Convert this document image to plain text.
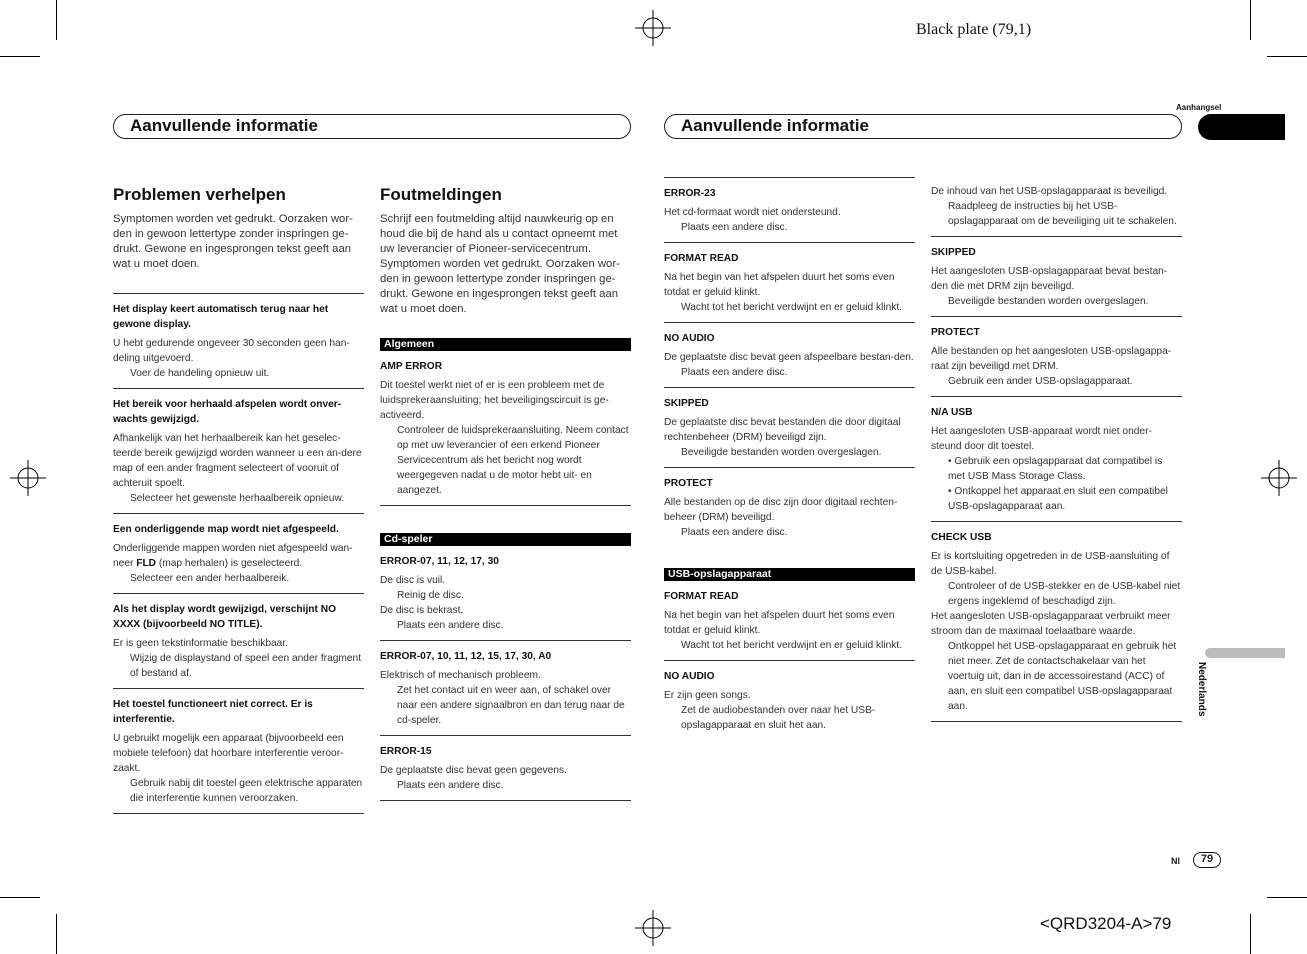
Black plate (79,1)
<QRD3204-A>79
Aanvullende informatie	Aanvullende informatie
Aanhangsel
Nederlands
Nl	79
Problemen verhelpen

Symptomen worden vet gedrukt. Oorzaken wor-den in gewoon lettertype zonder inspringen ge-drukt. Gewone en ingesprongen tekst geeft aan wat u moet doen.

Het display keert automatisch terug naar het gewone display.

U hebt gedurende ongeveer 30 seconden geen han-deling uitgevoerd.

Voer de handeling opnieuw uit.

Het bereik voor herhaald afspelen wordt onver-wachts gewijzigd.

Afhankelijk van het herhaalbereik kan het geselec-teerde bereik gewijzigd worden wanneer u een an-dere map of een ander fragment selecteert of vooruit of achteruit spoelt.

Selecteer het gewenste herhaalbereik opnieuw.

Een onderliggende map wordt niet afgespeeld.

Onderliggende mappen worden niet afgespeeld wan-neer FLD (map herhalen) is geselecteerd.

Selecteer een ander herhaalbereik.

Als het display wordt gewijzigd, verschijnt NO XXXX (bijvoorbeeld NO TITLE).

Er is geen tekstinformatie beschikbaar.

Wijzig de displaystand of speel een ander fragment of bestand af.

Het toestel functioneert niet correct. Er is interferentie.

U gebruikt mogelijk een apparaat (bijvoorbeeld een mobiele telefoon) dat hoorbare interferentie veroor-zaakt.

Gebruik nabij dit toestel geen elektrische apparaten die interferentie kunnen veroorzaken.

Foutmeldingen

Schrijf een foutmelding altijd nauwkeurig op en houd die bij de hand als u contact opneemt met uw leverancier of Pioneer-servicecentrum. Symptomen worden vet gedrukt. Oorzaken wor-den in gewoon lettertype zonder inspringen ge-drukt. Gewone en ingesprongen tekst geeft aan wat u moet doen.

Algemeen
AMP ERROR

Dit toestel werkt niet of er is een probleem met de luidsprekeraansluiting; het beveiligingscircuit is ge-activeerd.

Controleer de luidsprekeraansluiting. Neem contact op met uw leverancier of een erkend Pioneer Servicecentrum als het bericht nog wordt weergegeven nadat u de motor hebt uit- en aangezet.

Cd-speler
ERROR-07, 11, 12, 17, 30

De disc is vuil.

Reinig de disc.

De disc is bekrast.

Plaats een andere disc.

ERROR-07, 10, 11, 12, 15, 17, 30, A0

Elektrisch of mechanisch probleem.

Zet het contact uit en weer aan, of schakel over naar een andere signaalbron en dan terug naar de cd-speler.

ERROR-15

De geplaatste disc bevat geen gegevens.

Plaats een andere disc.

ERROR-23

Het cd-formaat wordt niet ondersteund.

Plaats een andere disc.

FORMAT READ

Na het begin van het afspelen duurt het soms even totdat er geluid klinkt.

Wacht tot het bericht verdwijnt en er geluid klinkt.

NO AUDIO

De geplaatste disc bevat geen afspeelbare bestan-den.

Plaats een andere disc.

SKIPPED

De geplaatste disc bevat bestanden die door digitaal rechtenbeheer (DRM) beveiligd zijn.

Beveiligde bestanden worden overgeslagen.

PROTECT

Alle bestanden op de disc zijn door digitaal rechten-beheer (DRM) beveiligd.

Plaats een andere disc.

USB-opslagapparaat
FORMAT READ

Na het begin van het afspelen duurt het soms even totdat er geluid klinkt.

Wacht tot het bericht verdwijnt en er geluid klinkt.

NO AUDIO

Er zijn geen songs.

Zet de audiobestanden over naar het USB-opslagapparaat en sluit het aan.

De inhoud van het USB-opslagapparaat is beveiligd.

Raadpleeg de instructies bij het USB-opslagapparaat om de beveiliging uit te schakelen.

SKIPPED

Het aangesloten USB-opslagapparaat bevat bestan-den die met DRM zijn beveiligd.

Beveiligde bestanden worden overgeslagen.

PROTECT

Alle bestanden op het aangesloten USB-opslagappa-raat zijn beveiligd met DRM.

Gebruik een ander USB-opslagapparaat.

N/A USB

Het aangesloten USB-apparaat wordt niet onder-steund door dit toestel.

• Gebruik een opslagapparaat dat compatibel is met USB Mass Storage Class.

• Ontkoppel het apparaat en sluit een compatibel USB-opslagapparaat aan.

CHECK USB

Er is kortsluiting opgetreden in de USB-aansluiting of de USB-kabel.

Controleer of de USB-stekker en de USB-kabel niet ergens ingeklemd of beschadigd zijn.

Het aangesloten USB-opslagapparaat verbruikt meer stroom dan de maximaal toelaatbare waarde.

Ontkoppel het USB-opslagapparaat en gebruik het niet meer. Zet de contactschakelaar van het voertuig uit, dan in de accessoirestand (ACC) of aan, en sluit een compatibel USB-opslagapparaat aan.
